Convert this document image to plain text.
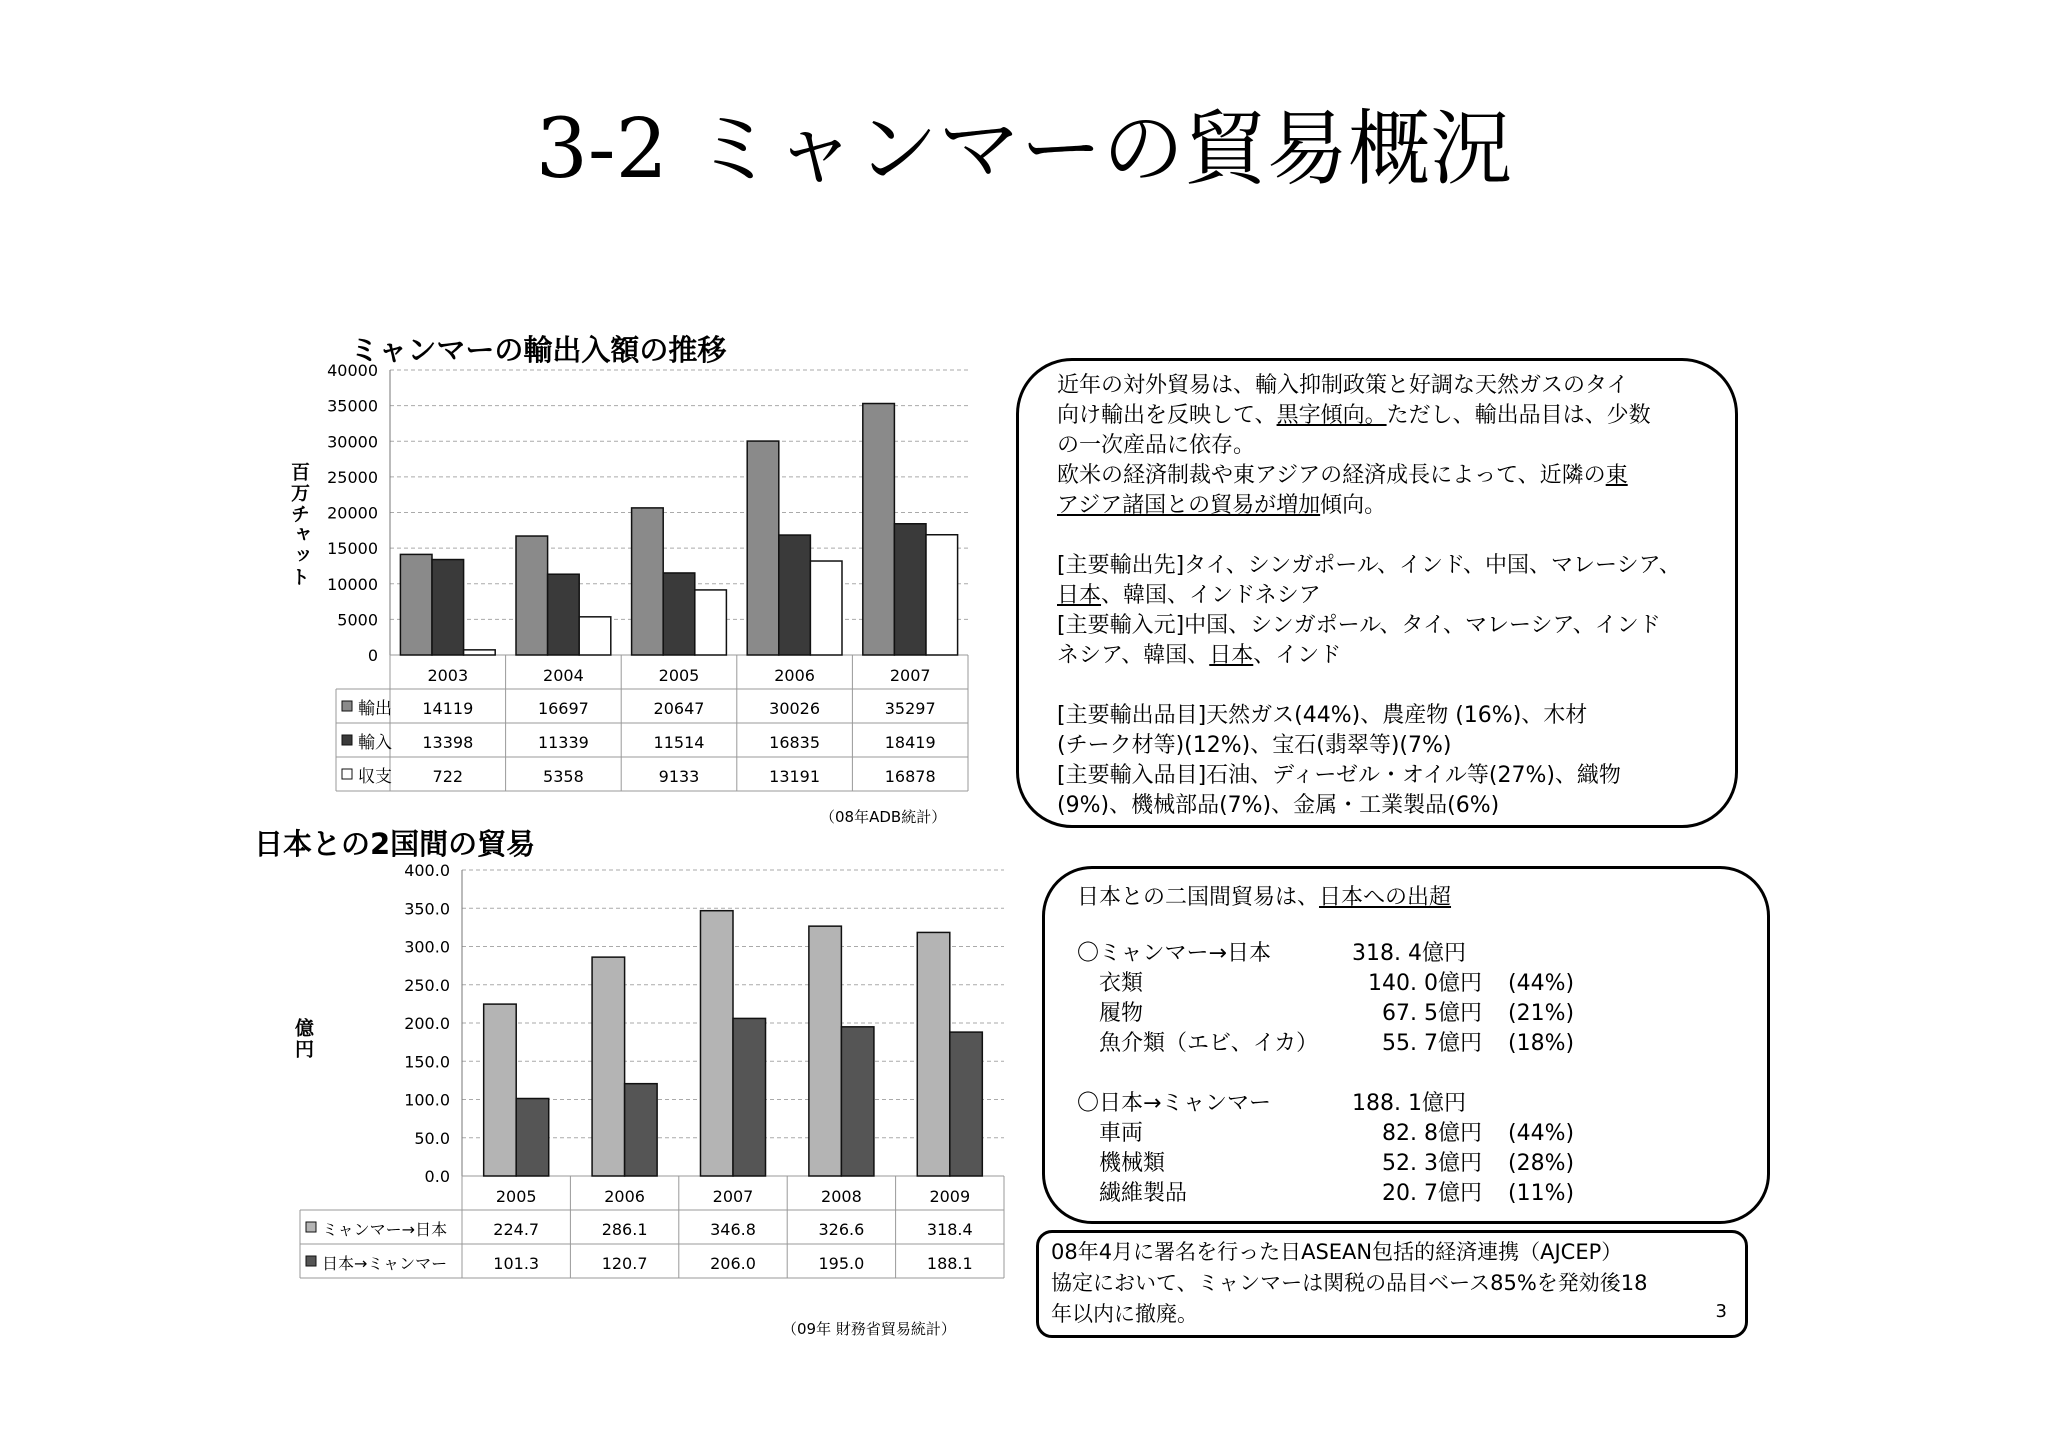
3-2 ミャンマーの貿易概況
ミャンマーの輸出入額の推移
百万チャット
0
5000
10000
15000
20000
25000
30000
35000
40000
2003	2004	2005	2006	2007
輸出 14119	16697	20647	30026	35297
輸入 13398	11339	11514	16835	18419
収支	722	5358	9133	13191	16878
（08年ADB統計）
日本との2国間の貿易
億円
0.0
50.0
100.0
150.0
200.0
250.0
300.0
350.0
400.0
2005	2006	2007	2008	2009
ミャンマー→日本	224.7	286.1	346.8	326.6	318.4
日本→ミャンマー	101.3	120.7	206.0	195.0	188.1
（09年 財務省貿易統計）

近年の対外貿易は、輸入抑制政策と好調な天然ガスのタイ

向け輸出を反映して、黒字傾向。ただし、輸出品目は、少数

の一次産品に依存。

欧米の経済制裁や東アジアの経済成長によって、近隣の東

アジア諸国との貿易が増加傾向。

[主要輸出先]タイ、シンガポール、インド、中国、マレーシア、

日本、韓国、インドネシア

[主要輸入元]中国、シンガポール、タイ、マレーシア、インド

ネシア、韓国、日本、インド

[主要輸出品目]天然ガス(44%)、農産物 (16%)、木材

(チーク材等)(12%)、宝石(翡翠等)(7%)

[主要輸入品目]石油、ディーゼル・オイル等(27%)、織物

(9%)、機械部品(7%)、金属・工業製品(6%)

日本との二国間貿易は、日本への出超

〇ミャンマー→日本	318. 4億円
衣類	140. 0億円	(44%)
履物	67. 5億円	(21%)
魚介類（エビ、イカ）	55. 7億円	(18%)

〇日本→ミャンマー	188. 1億円
車両	82. 8億円	(44%)
機械類	52. 3億円	(28%)
繊維製品	20. 7億円	(11%)

08年4月に署名を行った日ASEAN包括的経済連携（AJCEP）

協定において、ミャンマーは関税の品目ベース85%を発効後18

年以内に撤廃。	3
